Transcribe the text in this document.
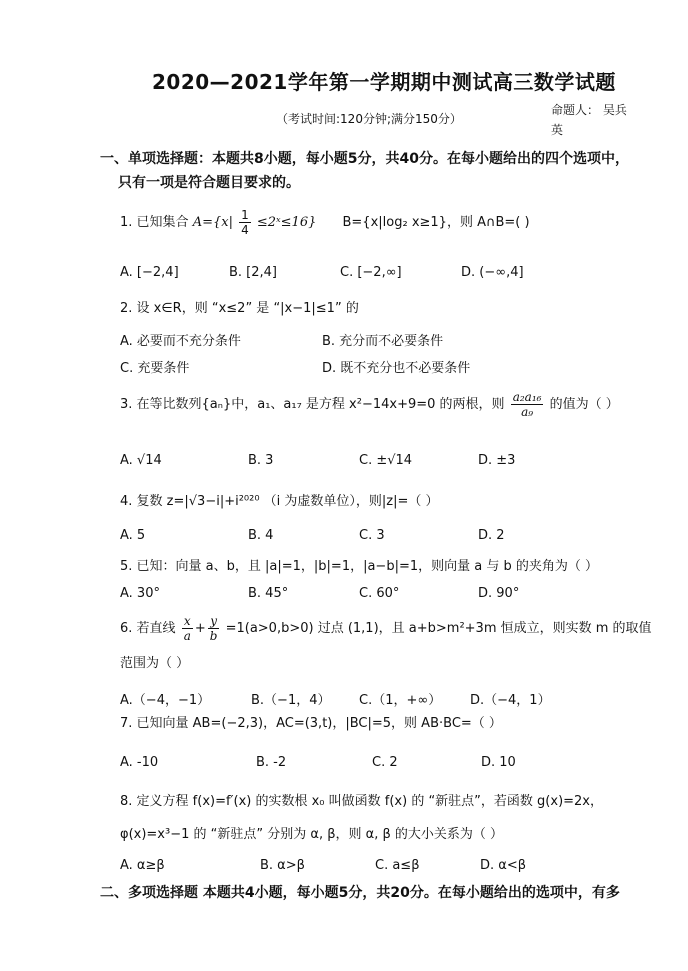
2020—2021学年第一学期期中测试高三数学试题
（考试时间:120分钟;满分150分）
命题人： 吴兵
英
一、单项选择题：本题共8小题，每小题5分，共40分。在每小题给出的四个选项中，
只有一项是符合题目要求的。
1. 已知集合 $A=\{x| \frac{1}{4}$ ≤2ˣ≤16} B={x|log₂ x≥1}，则 A∩B=( )
A. [−2,4]	B. [2,4]	C. [−2,∞]	D. (−∞,4]
2. 设 x∈R，则 “x≤2” 是 “|x−1|≤1” 的
A. 必要而不充分条件	B. 充分而不必要条件
C. 充要条件	D. 既不充分也不必要条件
3. 在等比数列{aₙ}中，a₁、a₁₇ 是方程 x²−14x+9=0 的两根，则 $\frac{\text{a₂a₁₆}}{\text{a₉}}$ 的值为（ ）
A. √14	B. 3	C. ±√14	D. ±3
4. 复数 z=|√3−i|+i²⁰²⁰ （i 为虚数单位），则|z|=（ ）
A. 5	B. 4	C. 3	D. 2
5. 已知：向量 a、b，且 |a|=1，|b|=1，|a−b|=1，则向量 a 与 b 的夹角为（ ）
A. 30°	B. 45°	C. 60°	D. 90°
6. 若直线 $\frac{x}{a} + \frac{y}{b} =1(a>0,b>0)$ 过点 (1,1)，且 a+b>m²+3m 恒成立，则实数 m 的取值
范围为（ ）
A.（−4，−1）	B.（−1，4） C.（1，+∞） D.（−4，1）
7. 已知向量 AB=(−2,3)，AC=(3,t)，|BC|=5，则 AB·BC=（ ）
A. -10	B. -2	C. 2	D. 10
8. 定义方程 f(x)=f′(x) 的实数根 x₀ 叫做函数 f(x) 的 “新驻点”，若函数 g(x)=2x，
φ(x)=x³−1 的 “新驻点” 分别为 α, β，则 α, β 的大小关系为（ ）
A. α≥β	B. α>β	C. a≤β	D. α<β
二、多项选择题 本题共4小题，每小题5分，共20分。在每小题给出的选项中，有多
